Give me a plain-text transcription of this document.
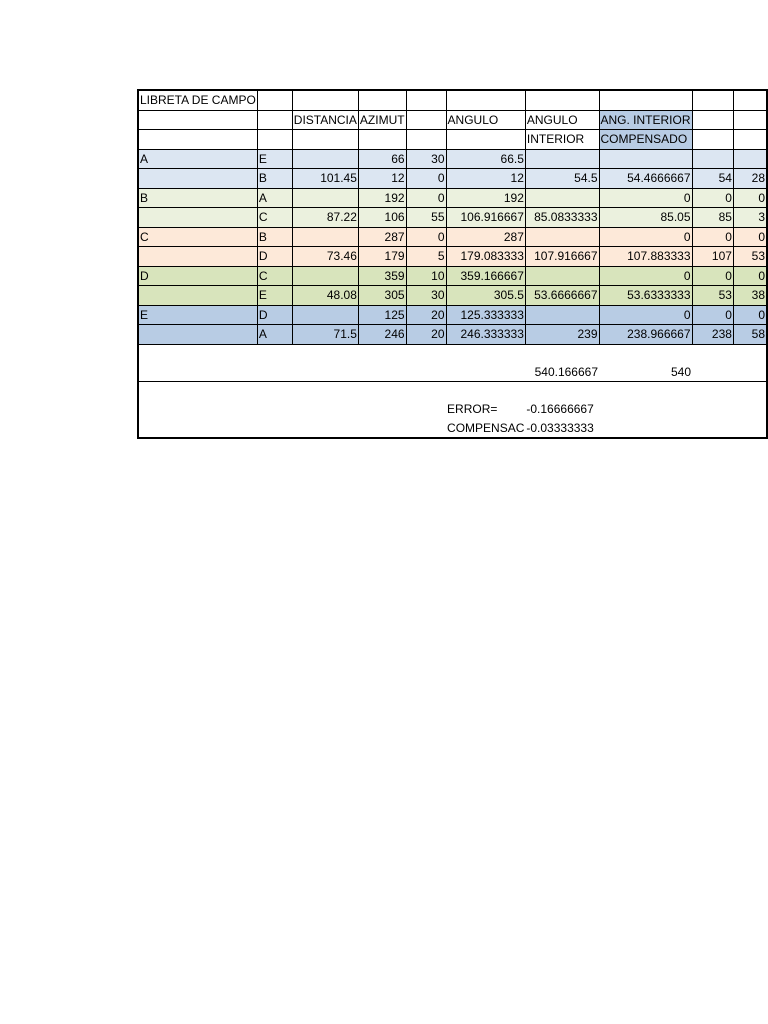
LIBRETA DE CAMPO									
		DISTANCIA	AZIMUT		ANGULO	ANGULO	ANG. INTERIOR		
						INTERIOR	COMPENSADO		
A	E		66	30	66.5				
	B	101.45	12	0	12	54.5	54.4666667	54	28
B	A		192	0	192		0	0	0
	C	87.22	106	55	106.916667	85.0833333	85.05	85	3
C	B		287	0	287		0	0	0
	D	73.46	179	5	179.083333	107.916667	107.883333	107	53
D	C		359	10	359.166667		0	0	0
	E	48.08	305	30	305.5	53.6666667	53.6333333	53	38
E	D		125	20	125.333333		0	0	0
	A	71.5	246	20	246.333333	239	238.966667	238	58

						540.166667	540		

					ERROR=	-0.16666667			
					COMPENSAC	-0.03333333			
